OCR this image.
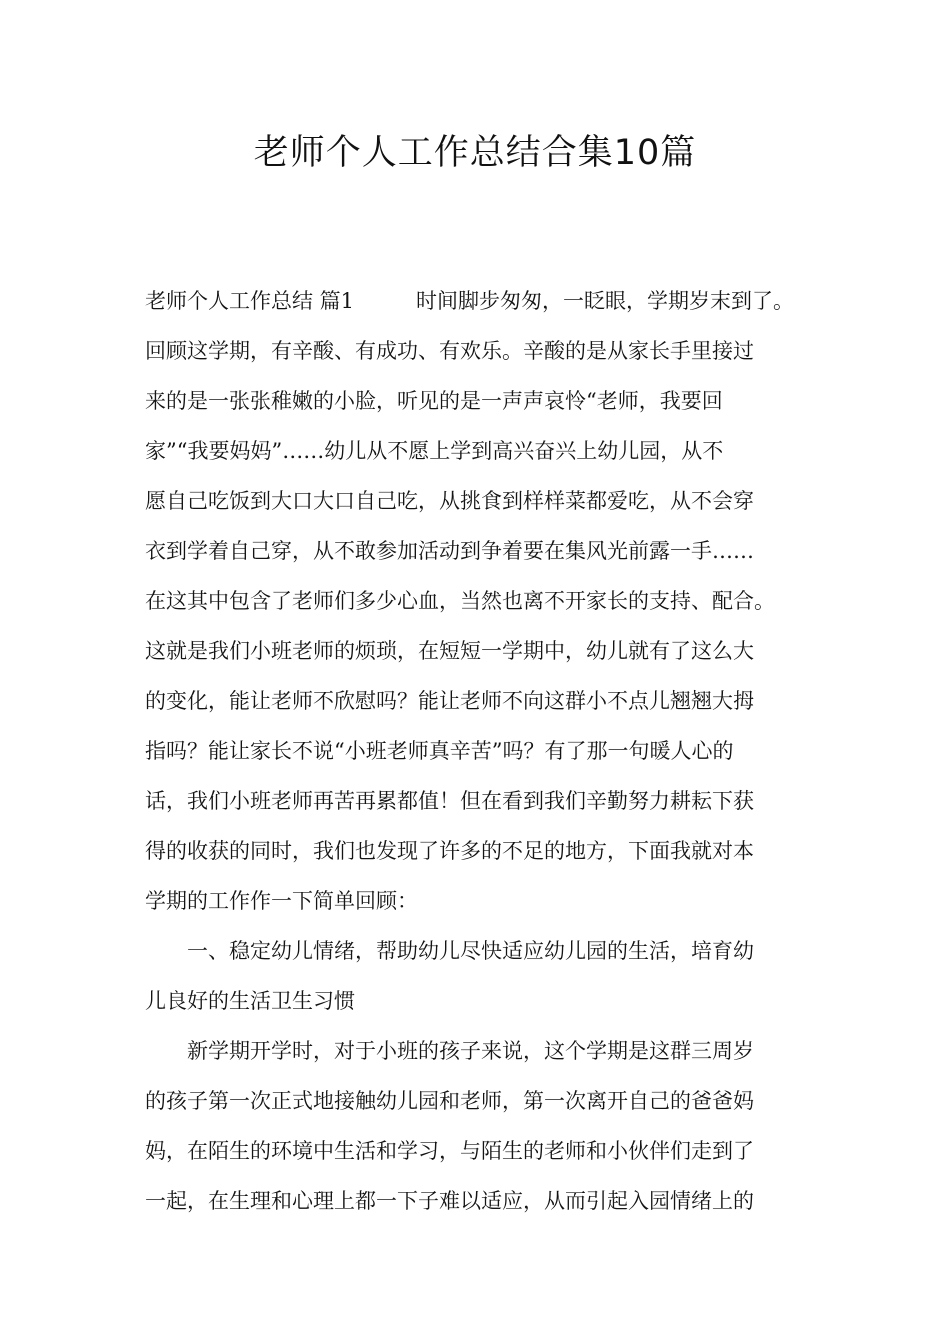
老师个人工作总结合集10篇
老师个人工作总结 篇1	时间脚步匆匆，一眨眼，学期岁末到了。
回顾这学期，有辛酸、有成功、有欢乐。辛酸的是从家长手里接过
来的是一张张稚嫩的小脸，听见的是一声声哀怜“老师，我要回
家”“我要妈妈”……幼儿从不愿上学到高兴奋兴上幼儿园，从不
愿自己吃饭到大口大口自己吃，从挑食到样样菜都爱吃，从不会穿
衣到学着自己穿，从不敢参加活动到争着要在集风光前露一手……
在这其中包含了老师们多少心血，当然也离不开家长的支持、配合。
这就是我们小班老师的烦琐，在短短一学期中，幼儿就有了这么大
的变化，能让老师不欣慰吗？能让老师不向这群小不点儿翘翘大拇
指吗？能让家长不说“小班老师真辛苦”吗？有了那一句暖人心的
话，我们小班老师再苦再累都值！但在看到我们辛勤努力耕耘下获
得的收获的同时，我们也发现了许多的不足的地方，下面我就对本
学期的工作作一下简单回顾：
一、稳定幼儿情绪，帮助幼儿尽快适应幼儿园的生活，培育幼
儿良好的生活卫生习惯
新学期开学时，对于小班的孩子来说，这个学期是这群三周岁
的孩子第一次正式地接触幼儿园和老师，第一次离开自己的爸爸妈
妈，在陌生的环境中生活和学习，与陌生的老师和小伙伴们走到了
一起，在生理和心理上都一下子难以适应，从而引起入园情绪上的
